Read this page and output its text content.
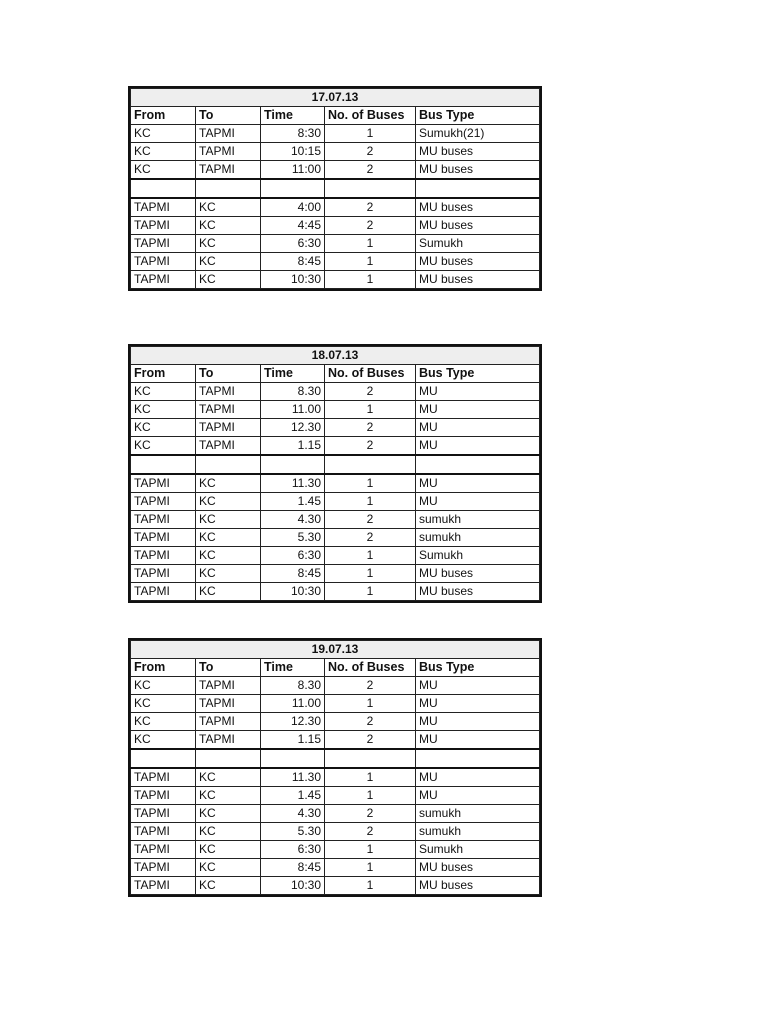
17.07.13				
From	To	Time	No. of Buses	Bus Type
KC	TAPMI	8:30	1	Sumukh(21)
KC	TAPMI	10:15	2	MU buses
KC	TAPMI	11:00	2	MU buses

TAPMI	KC	4:00	2	MU buses
TAPMI	KC	4:45	2	MU buses
TAPMI	KC	6:30	1	Sumukh
TAPMI	KC	8:45	1	MU buses
TAPMI	KC	10:30	1	MU buses
18.07.13				
From	To	Time	No. of Buses	Bus Type
KC	TAPMI	8.30	2	MU
KC	TAPMI	11.00	1	MU
KC	TAPMI	12.30	2	MU
KC	TAPMI	1.15	2	MU

TAPMI	KC	11.30	1	MU
TAPMI	KC	1.45	1	MU
TAPMI	KC	4.30	2	sumukh
TAPMI	KC	5.30	2	sumukh
TAPMI	KC	6:30	1	Sumukh
TAPMI	KC	8:45	1	MU buses
TAPMI	KC	10:30	1	MU buses
19.07.13				
From	To	Time	No. of Buses	Bus Type
KC	TAPMI	8.30	2	MU
KC	TAPMI	11.00	1	MU
KC	TAPMI	12.30	2	MU
KC	TAPMI	1.15	2	MU

TAPMI	KC	11.30	1	MU
TAPMI	KC	1.45	1	MU
TAPMI	KC	4.30	2	sumukh
TAPMI	KC	5.30	2	sumukh
TAPMI	KC	6:30	1	Sumukh
TAPMI	KC	8:45	1	MU buses
TAPMI	KC	10:30	1	MU buses
